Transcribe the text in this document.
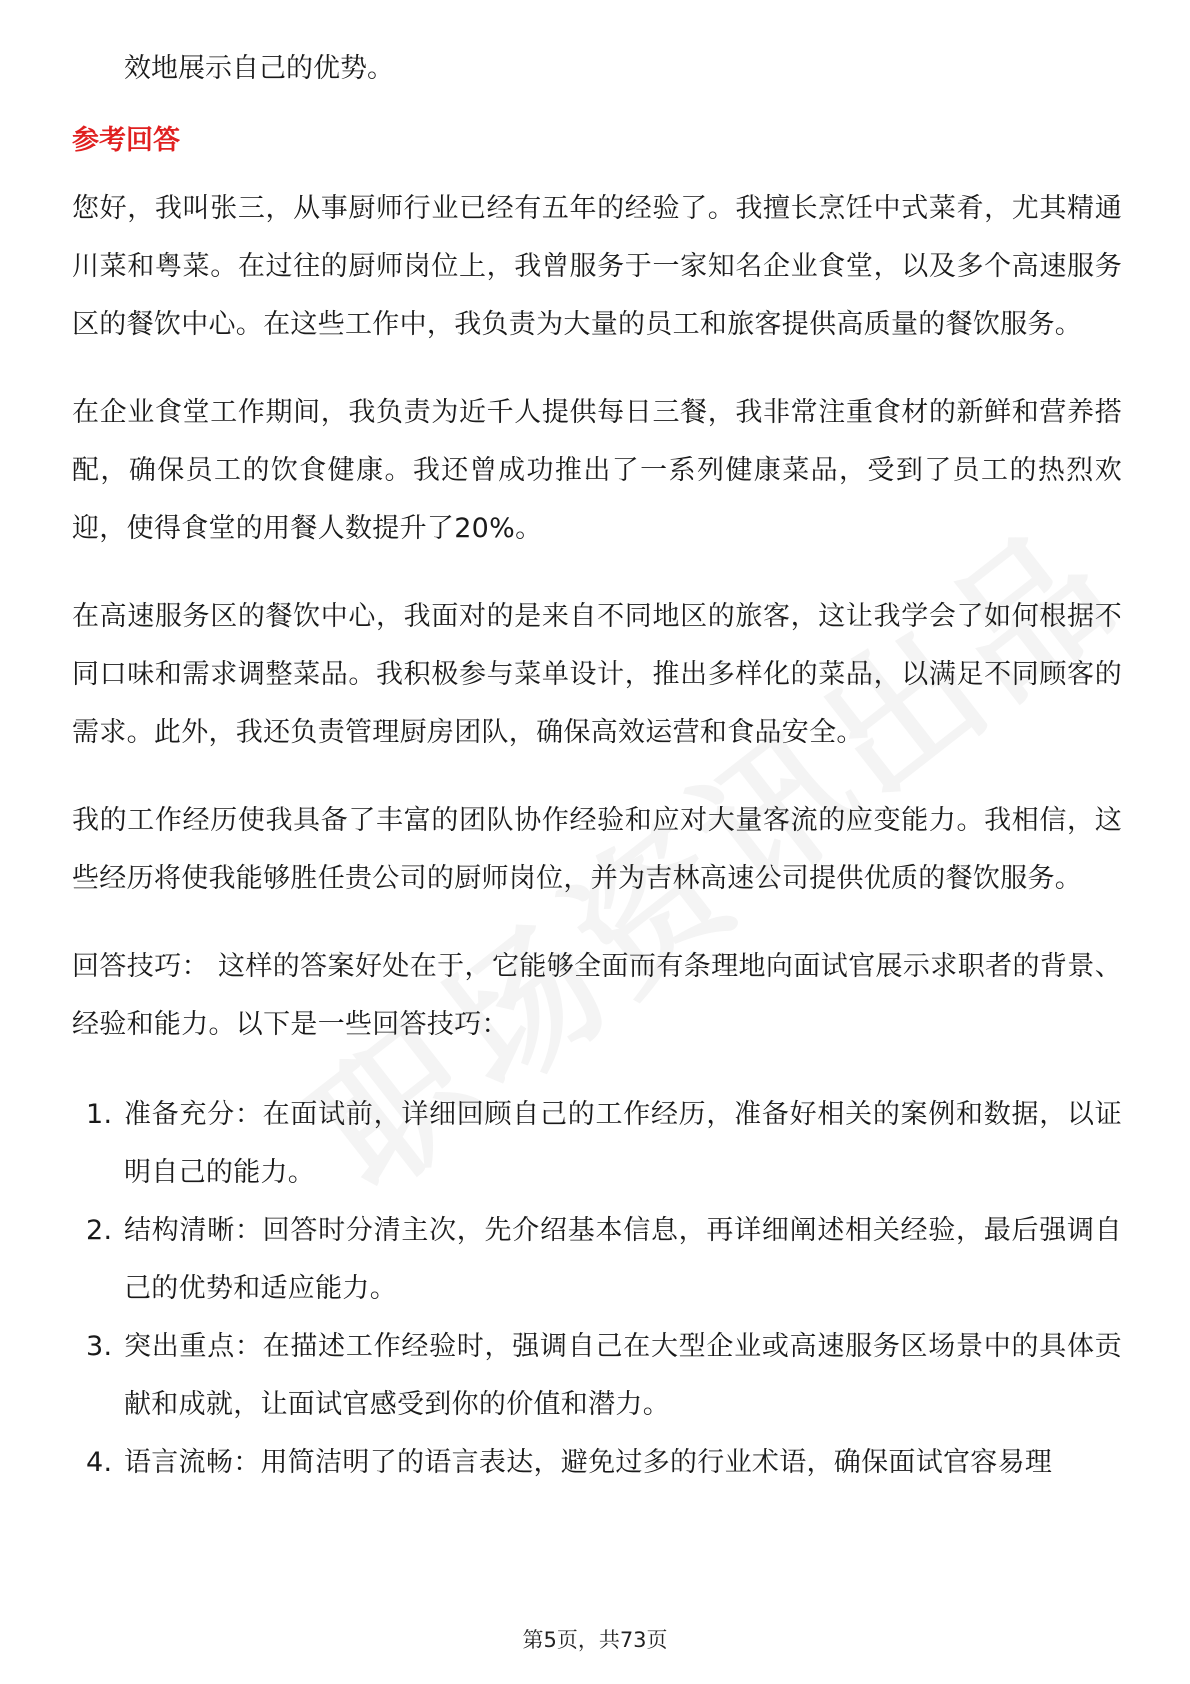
效地展示自己的优势。

参考回答

您好，我叫张三，从事厨师行业已经有五年的经验了。我擅长烹饪中式菜肴，尤其精通川菜和粤菜。在过往的厨师岗位上，我曾服务于一家知名企业食堂，以及多个高速服务区的餐饮中心。在这些工作中，我负责为大量的员工和旅客提供高质量的餐饮服务。

在企业食堂工作期间，我负责为近千人提供每日三餐，我非常注重食材的新鲜和营养搭配，确保员工的饮食健康。我还曾成功推出了一系列健康菜品，受到了员工的热烈欢迎，使得食堂的用餐人数提升了20%。

在高速服务区的餐饮中心，我面对的是来自不同地区的旅客，这让我学会了如何根据不同口味和需求调整菜品。我积极参与菜单设计，推出多样化的菜品，以满足不同顾客的需求。此外，我还负责管理厨房团队，确保高效运营和食品安全。

我的工作经历使我具备了丰富的团队协作经验和应对大量客流的应变能力。我相信，这些经历将使我能够胜任贵公司的厨师岗位，并为吉林高速公司提供优质的餐饮服务。

回答技巧： 这样的答案好处在于，它能够全面而有条理地向面试官展示求职者的背景、经验和能力。以下是一些回答技巧：

1. 准备充分：在面试前，详细回顾自己的工作经历，准备好相关的案例和数据，以证明自己的能力。
2. 结构清晰：回答时分清主次，先介绍基本信息，再详细阐述相关经验，最后强调自己的优势和适应能力。
3. 突出重点：在描述工作经验时，强调自己在大型企业或高速服务区场景中的具体贡献和成就，让面试官感受到你的价值和潜力。
4. 语言流畅：用简洁明了的语言表达，避免过多的行业术语，确保面试官容易理
第5页，共73页
